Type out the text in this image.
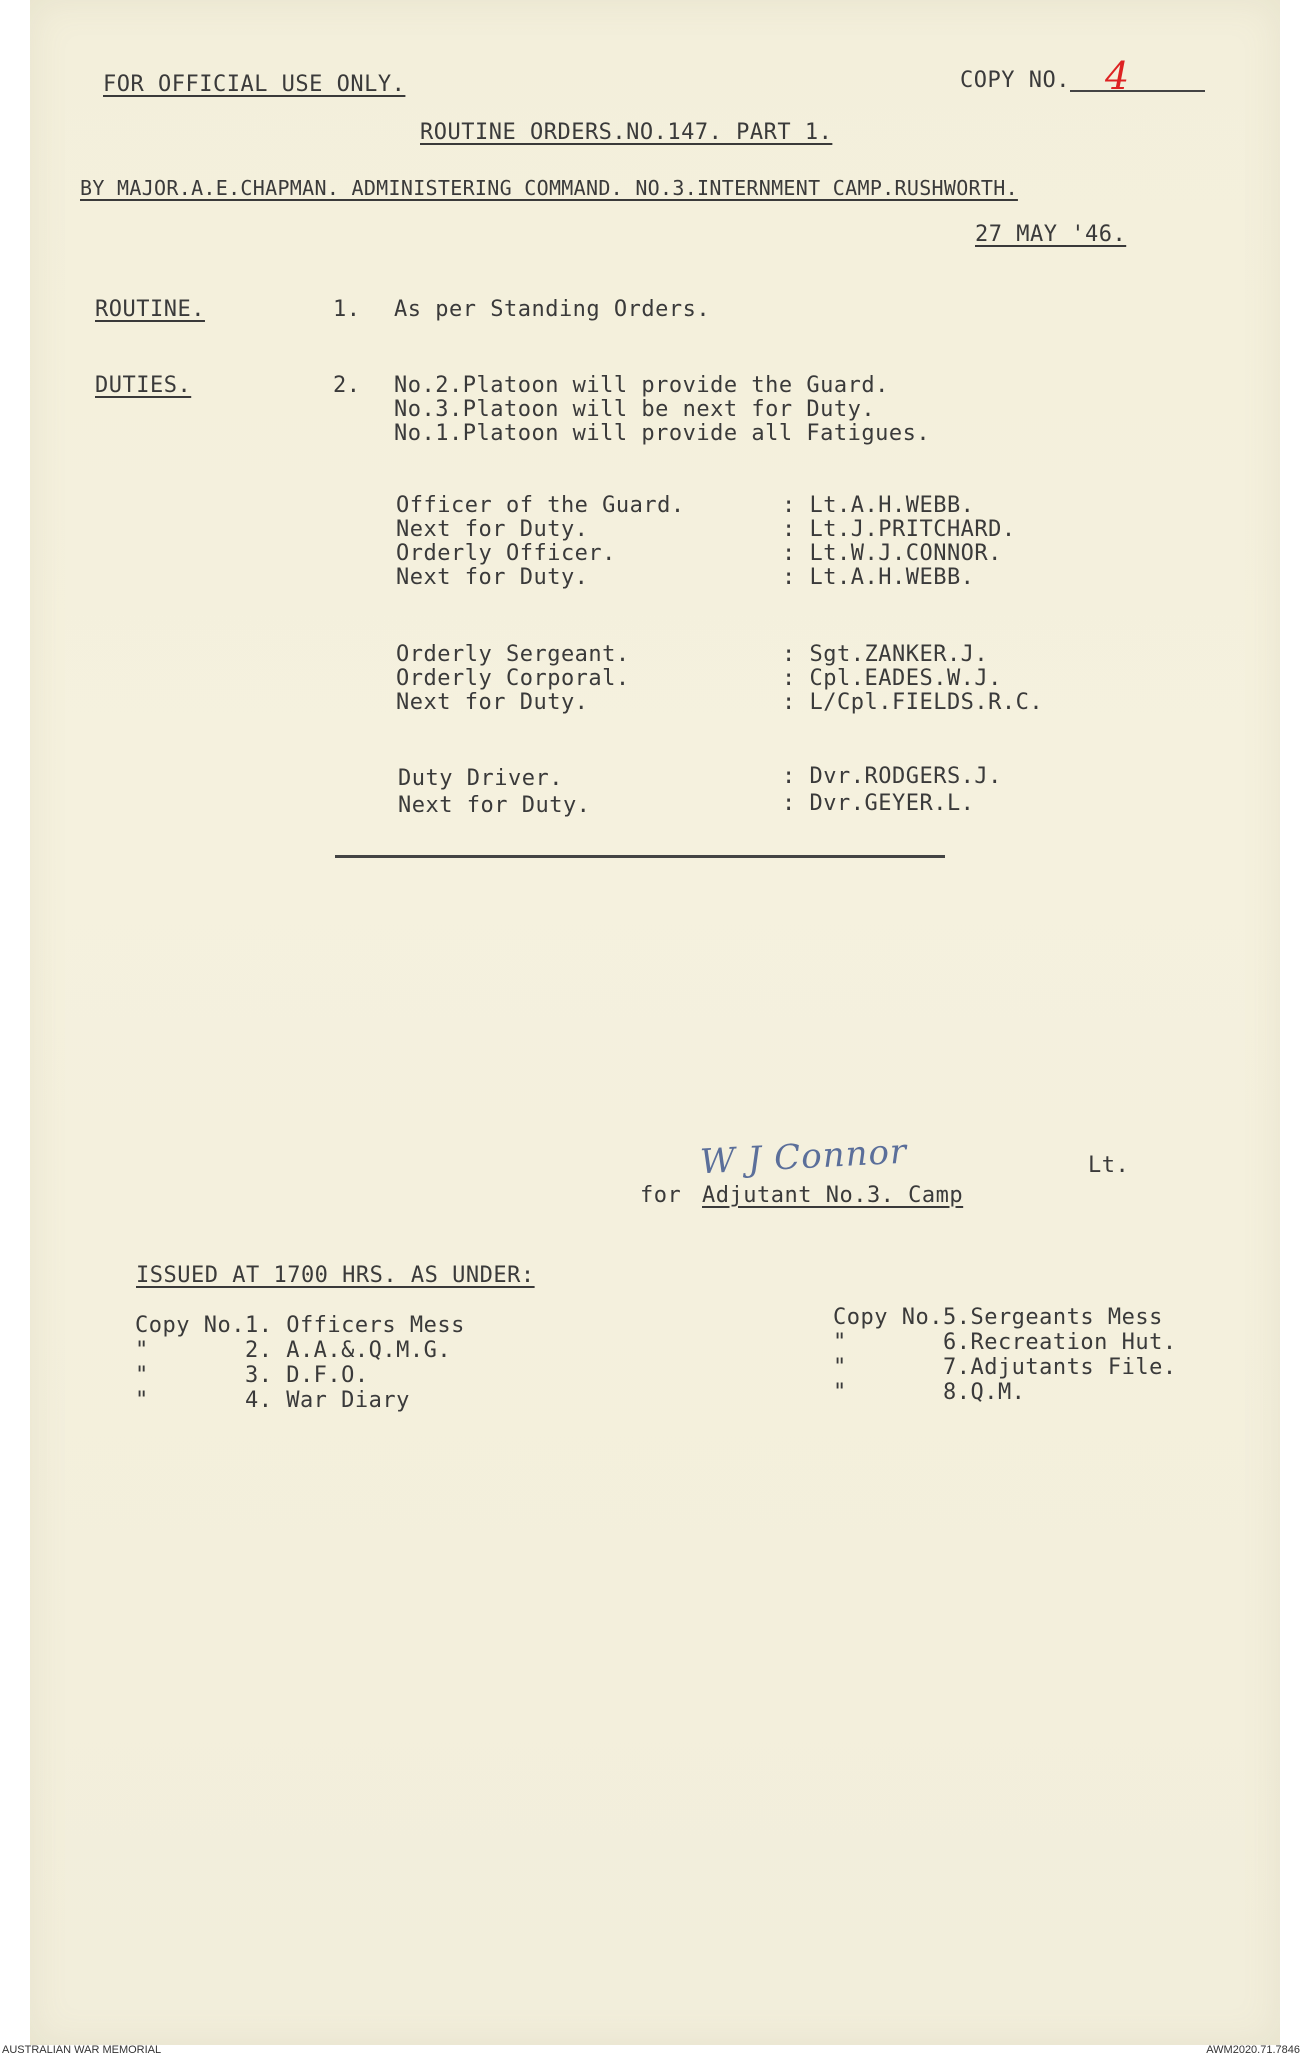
FOR OFFICIAL USE ONLY.	COPY NO. 4
ROUTINE ORDERS.NO.147. PART 1.
BY MAJOR.A.E.CHAPMAN. ADMINISTERING COMMAND. NO.3.INTERNMENT CAMP.RUSHWORTH.
27 MAY '46.
ROUTINE.	1. As per Standing Orders.
DUTIES.	2. No.2.Platoon will provide the Guard.
No.3.Platoon will be next for Duty.
No.1.Platoon will provide all Fatigues.
Officer of the Guard.	: Lt.A.H.WEBB.
Next for Duty.	: Lt.J.PRITCHARD.
Orderly Officer.	: Lt.W.J.CONNOR.
Next for Duty.	: Lt.A.H.WEBB.
Orderly Sergeant.	: Sgt.ZANKER.J.
Orderly Corporal.	: Cpl.EADES.W.J.
Next for Duty.	: L/Cpl.FIELDS.R.C.
Duty Driver.	: Dvr.RODGERS.J.
Next for Duty.	: Dvr.GEYER.L.
W J Connor	Lt.
for Adjutant No.3. Camp
ISSUED AT 1700 HRS. AS UNDER:
Copy No.1. Officers Mess
"       2. A.A.&.Q.M.G.
"       3. D.F.O.
"       4. War Diary
Copy No.5.Sergeants Mess
"       6.Recreation Hut.
"       7.Adjutants File.
"       8.Q.M.
AUSTRALIAN WAR MEMORIAL	AWM2020.71.7846
